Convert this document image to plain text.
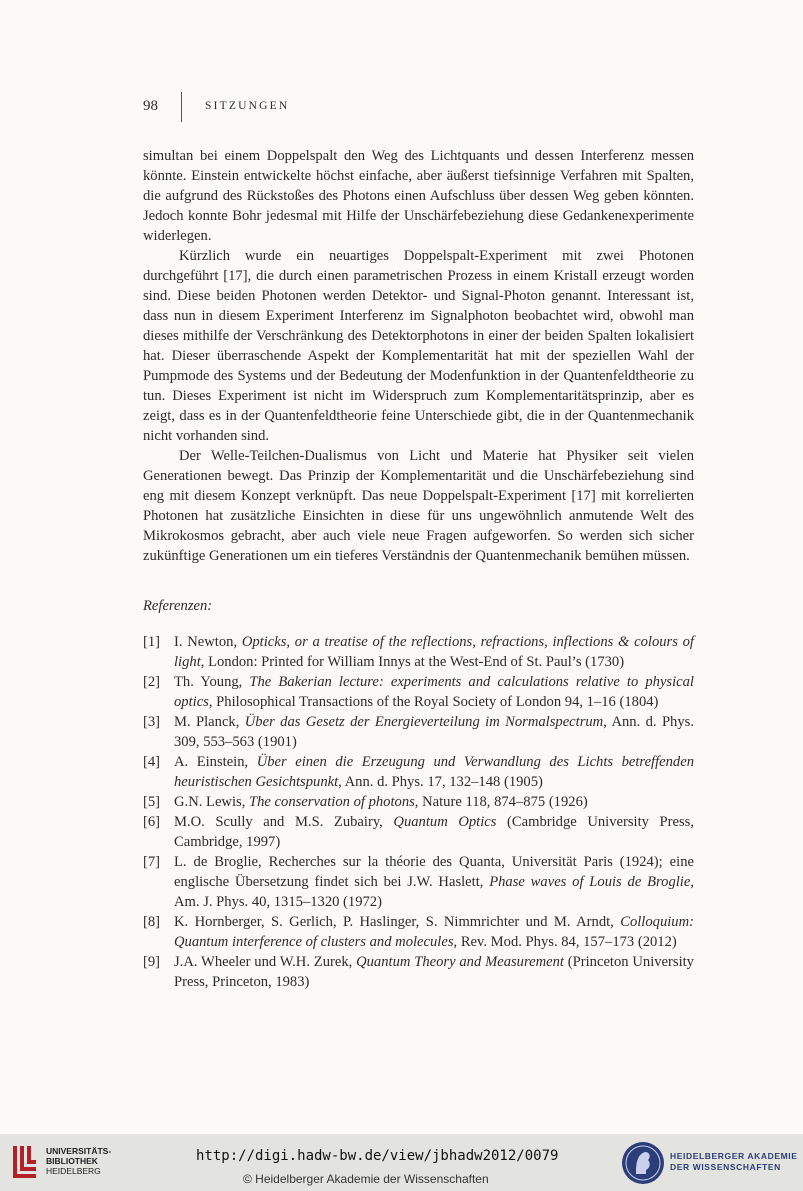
98	SITZUNGEN

simultan bei einem Doppelspalt den Weg des Lichtquants und dessen Interferenz messen könnte. Einstein entwickelte höchst einfache, aber äußerst tiefsinnige Verfahren mit Spalten, die aufgrund des Rückstoßes des Photons einen Aufschluss über dessen Weg geben könnten. Jedoch konnte Bohr jedesmal mit Hilfe der Unschärfebeziehung diese Gedankenexperimente widerlegen.

Kürzlich wurde ein neuartiges Doppelspalt-Experiment mit zwei Photonen durchgeführt [17], die durch einen parametrischen Prozess in einem Kristall erzeugt worden sind. Diese beiden Photonen werden Detektor- und Signal-Photon genannt. Interessant ist, dass nun in diesem Experiment Interferenz im Signalphoton beobachtet wird, obwohl man dieses mithilfe der Verschränkung des Detektorphotons in einer der beiden Spalten lokalisiert hat. Dieser überraschende Aspekt der Komplementarität hat mit der speziellen Wahl der Pumpmode des Systems und der Bedeutung der Modenfunktion in der Quantenfeldtheorie zu tun. Dieses Experiment ist nicht im Widerspruch zum Komplementaritätsprinzip, aber es zeigt, dass es in der Quantenfeldtheorie feine Unterschiede gibt, die in der Quantenmechanik nicht vorhanden sind.

Der Welle-Teilchen-Dualismus von Licht und Materie hat Physiker seit vielen Generationen bewegt. Das Prinzip der Komplementarität und die Unschärfebeziehung sind eng mit diesem Konzept verknüpft. Das neue Doppelspalt-Experiment [17] mit korrelierten Photonen hat zusätzliche Einsichten in diese für uns ungewöhnlich anmutende Welt des Mikrokosmos gebracht, aber auch viele neue Fragen aufgeworfen. So werden sich sicher zukünftige Generationen um ein tieferes Verständnis der Quantenmechanik bemühen müssen.

Referenzen:
[1] I. Newton, Opticks, or a treatise of the reflections, refractions, inflections & colours of light, London: Printed for William Innys at the West-End of St. Paul’s (1730)
[2] Th. Young, The Bakerian lecture: experiments and calculations relative to physical optics, Philosophical Transactions of the Royal Society of London 94, 1–16 (1804)
[3] M. Planck, Über das Gesetz der Energieverteilung im Normalspectrum, Ann. d. Phys. 309, 553–563 (1901)
[4] A. Einstein, Über einen die Erzeugung und Verwandlung des Lichts betreffenden heuristischen Gesichtspunkt, Ann. d. Phys. 17, 132–148 (1905)
[5] G.N. Lewis, The conservation of photons, Nature 118, 874–875 (1926)
[6] M.O. Scully and M.S. Zubairy, Quantum Optics (Cambridge University Press, Cambridge, 1997)
[7] L. de Broglie, Recherches sur la théorie des Quanta, Universität Paris (1924); eine englische Übersetzung findet sich bei J.W. Haslett, Phase waves of Louis de Broglie, Am. J. Phys. 40, 1315–1320 (1972)
[8] K. Hornberger, S. Gerlich, P. Haslinger, S. Nimmrichter und M. Arndt, Colloquium: Quantum interference of clusters and molecules, Rev. Mod. Phys. 84, 157–173 (2012)
[9] J.A. Wheeler und W.H. Zurek, Quantum Theory and Measurement (Princeton University Press, Princeton, 1983)
UNIVERSITÄTS-
BIBLIOTHEK
HEIDELBERG
http://digi.hadw-bw.de/view/jbhadw2012/0079
© Heidelberger Akademie der Wissenschaften
HEIDELBERGER AKADEMIE
DER WISSENSCHAFTEN
